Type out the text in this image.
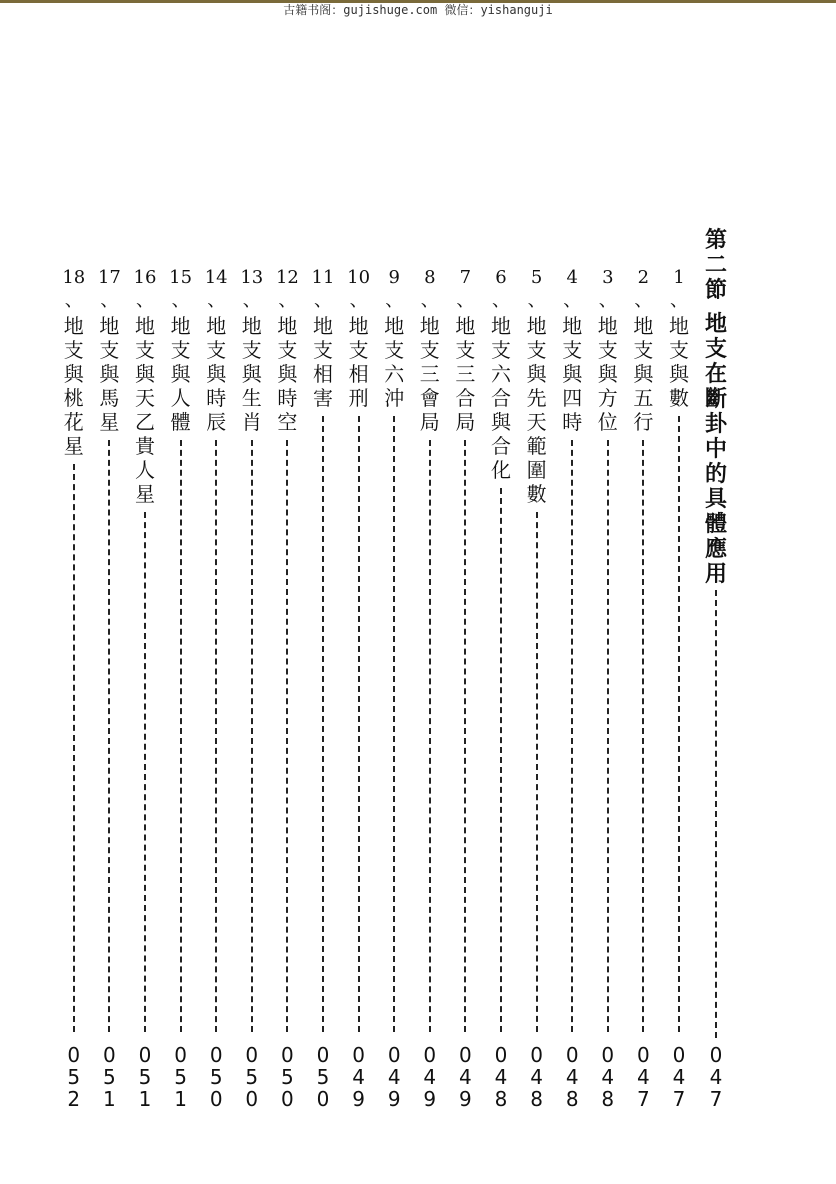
古籍书阁：gujishuge.com 微信：yishanguji
第二節
地支在斷卦中的具體應用
0
4
7
1
、
地支與數
0
4
7
2
、
地支與五行
0
4
7
3
、
地支與方位
0
4
8
4
、
地支與四時
0
4
8
5
、
地支與先天範圍數
0
4
8
6
、
地支六合與合化
0
4
8
7
、
地支三合局
0
4
9
8
、
地支三會局
0
4
9
9
、
地支六沖
0
4
9
10
、
地支相刑
0
4
9
11
、
地支相害
0
5
0
12
、
地支與時空
0
5
0
13
、
地支與生肖
0
5
0
14
、
地支與時辰
0
5
0
15
、
地支與人體
0
5
1
16
、
地支與天乙貴人星
0
5
1
17
、
地支與馬星
0
5
1
18
、
地支與桃花星
0
5
2
